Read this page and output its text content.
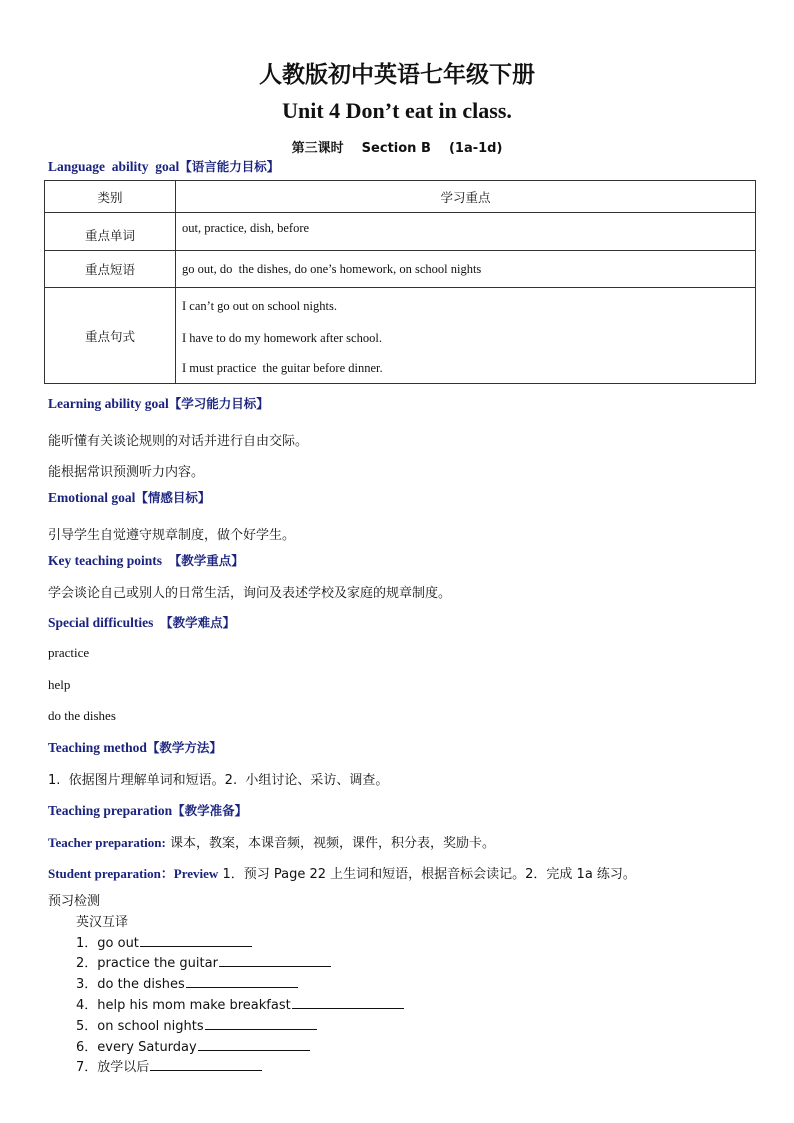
人教版初中英语七年级下册
Unit 4 Don’t eat in class.
第三课时    Section B    (1a-1d)
Language  ability  goal【语言能力目标】
类别	学习重点
重点单词	out, practice, dish, before
重点短语	go out, do  the dishes, do one’s homework, on school nights
重点句式	I can’t go out on school nights.
I have to do my homework after school.
I must practice  the guitar before dinner.
Learning ability goal【学习能力目标】
能听懂有关谈论规则的对话并进行自由交际。
能根据常识预测听力内容。
Emotional goal【情感目标】
引导学生自觉遵守规章制度，做个好学生。
Key teaching points  【教学重点】
学会谈论自己或别人的日常生活，询问及表述学校及家庭的规章制度。
Special difficulties  【教学难点】
practice
help
do the dishes
Teaching method【教学方法】
1.  依据图片理解单词和短语。2.  小组讨论、采访、调查。
Teaching preparation【教学准备】
Teacher preparation: 课本，教案，本课音频，视频，课件，积分表，奖励卡。
Student preparation：Preview 1．预习 Page 22 上生词和短语，根据音标会读记。2．完成 1a 练习。
预习检测
英汉互译
1．go out
2．practice the guitar
3．do the dishes
4．help his mom make breakfast
5．on school nights
6．every Saturday
7．放学以后
